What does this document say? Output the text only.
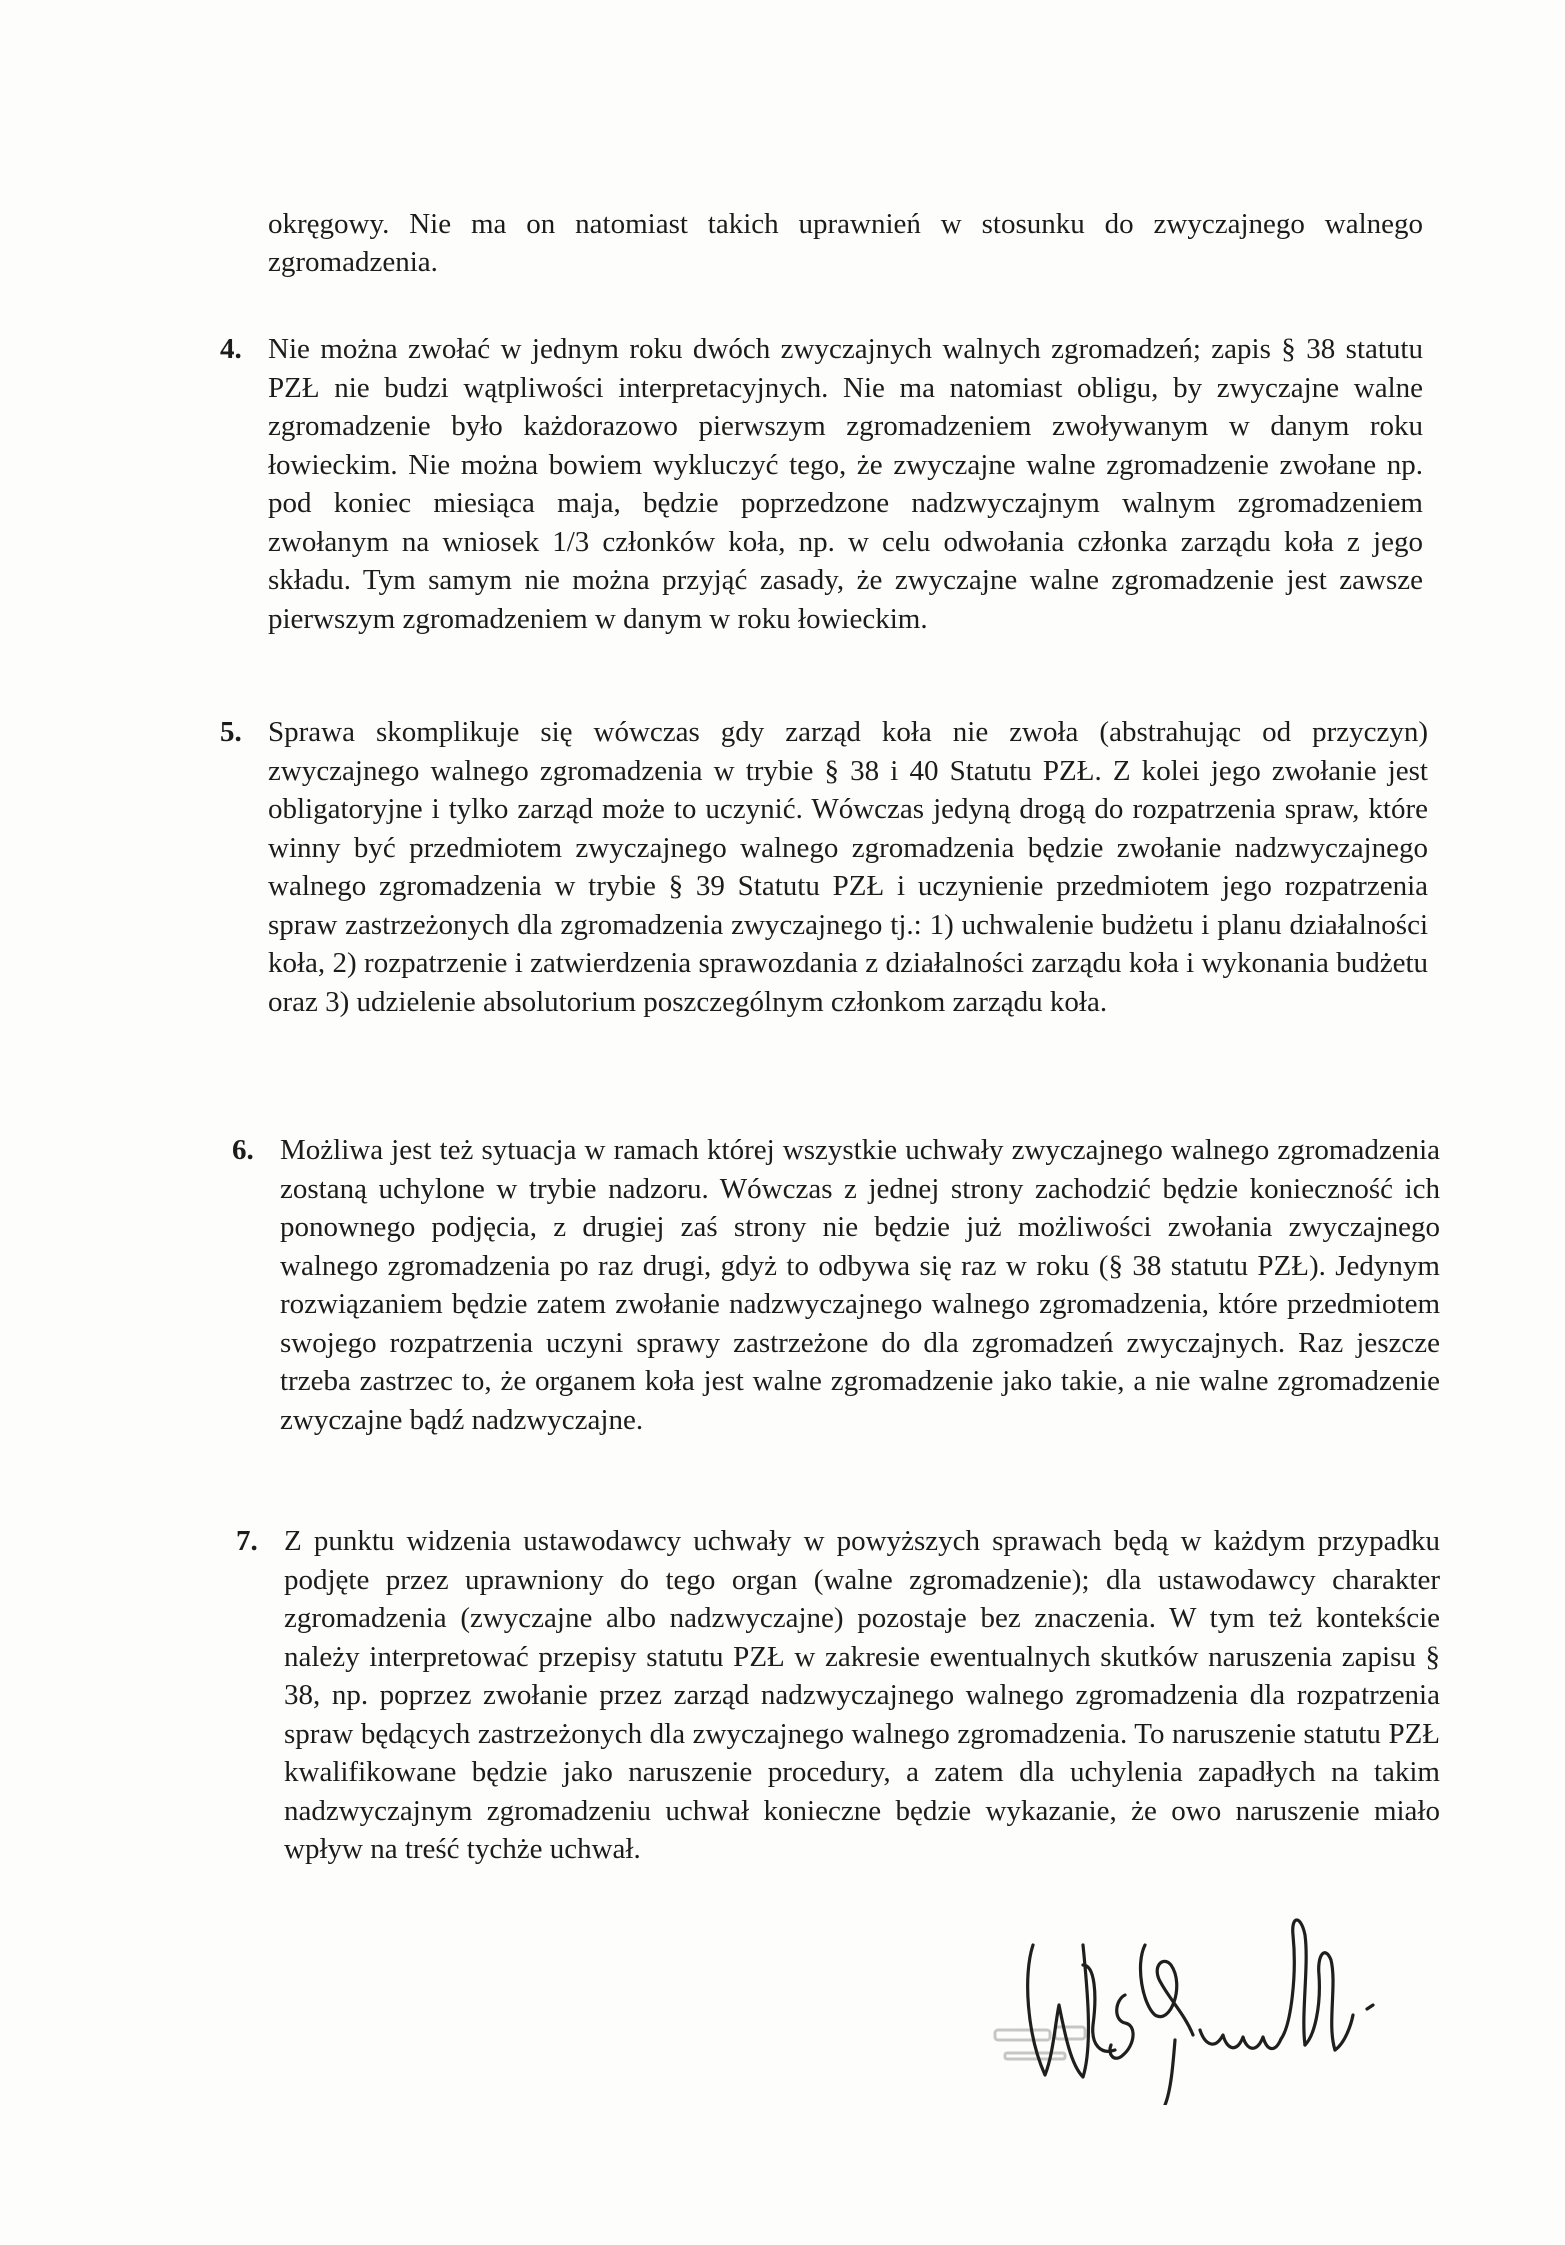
okręgowy. Nie ma on natomiast takich uprawnień w stosunku do zwyczajnego walnego zgromadzenia.

4. Nie można zwołać w jednym roku dwóch zwyczajnych walnych zgromadzeń; zapis § 38 statutu PZŁ nie budzi wątpliwości interpretacyjnych. Nie ma natomiast obligu, by zwyczajne walne zgromadzenie było każdorazowo pierwszym zgromadzeniem zwoływanym w danym roku łowieckim. Nie można bowiem wykluczyć tego, że zwyczajne walne zgromadzenie zwołane np. pod koniec miesiąca maja, będzie poprzedzone nadzwyczajnym walnym zgromadzeniem zwołanym na wniosek 1/3 członków koła, np. w celu odwołania członka zarządu koła z jego składu. Tym samym nie można przyjąć zasady, że zwyczajne walne zgromadzenie jest zawsze pierwszym zgromadzeniem w danym w roku łowieckim.
5. Sprawa skomplikuje się wówczas gdy zarząd koła nie zwoła (abstrahując od przyczyn) zwyczajnego walnego zgromadzenia w trybie § 38 i 40 Statutu PZŁ. Z kolei jego zwołanie jest obligatoryjne i tylko zarząd może to uczynić. Wówczas jedyną drogą do rozpatrzenia spraw, które winny być przedmiotem zwyczajnego walnego zgromadzenia będzie zwołanie nadzwyczajnego walnego zgromadzenia w trybie § 39 Statutu PZŁ i uczynienie przedmiotem jego rozpatrzenia spraw zastrzeżonych dla zgromadzenia zwyczajnego tj.: 1) uchwalenie budżetu i planu działalności koła, 2) rozpatrzenie i zatwierdzenia sprawozdania z działalności zarządu koła i wykonania budżetu oraz 3) udzielenie absolutorium poszczególnym członkom zarządu koła.
6. Możliwa jest też sytuacja w ramach której wszystkie uchwały zwyczajnego walnego zgromadzenia zostaną uchylone w trybie nadzoru. Wówczas z jednej strony zachodzić będzie konieczność ich ponownego podjęcia, z drugiej zaś strony nie będzie już możliwości zwołania zwyczajnego walnego zgromadzenia po raz drugi, gdyż to odbywa się raz w roku (§ 38 statutu PZŁ). Jedynym rozwiązaniem będzie zatem zwołanie nadzwyczajnego walnego zgromadzenia, które przedmiotem swojego rozpatrzenia uczyni sprawy zastrzeżone do dla zgromadzeń zwyczajnych. Raz jeszcze trzeba zastrzec to, że organem koła jest walne zgromadzenie jako takie, a nie walne zgromadzenie zwyczajne bądź nadzwyczajne.
7. Z punktu widzenia ustawodawcy uchwały w powyższych sprawach będą w każdym przypadku podjęte przez uprawniony do tego organ (walne zgromadzenie); dla ustawodawcy charakter zgromadzenia (zwyczajne albo nadzwyczajne) pozostaje bez znaczenia. W tym też kontekście należy interpretować przepisy statutu PZŁ w zakresie ewentualnych skutków naruszenia zapisu § 38, np. poprzez zwołanie przez zarząd nadzwyczajnego walnego zgromadzenia dla rozpatrzenia spraw będących zastrzeżonych dla zwyczajnego walnego zgromadzenia. To naruszenie statutu PZŁ kwalifikowane będzie jako naruszenie procedury, a zatem dla uchylenia zapadłych na takim nadzwyczajnym zgromadzeniu uchwał konieczne będzie wykazanie, że owo naruszenie miało wpływ na treść tychże uchwał.
